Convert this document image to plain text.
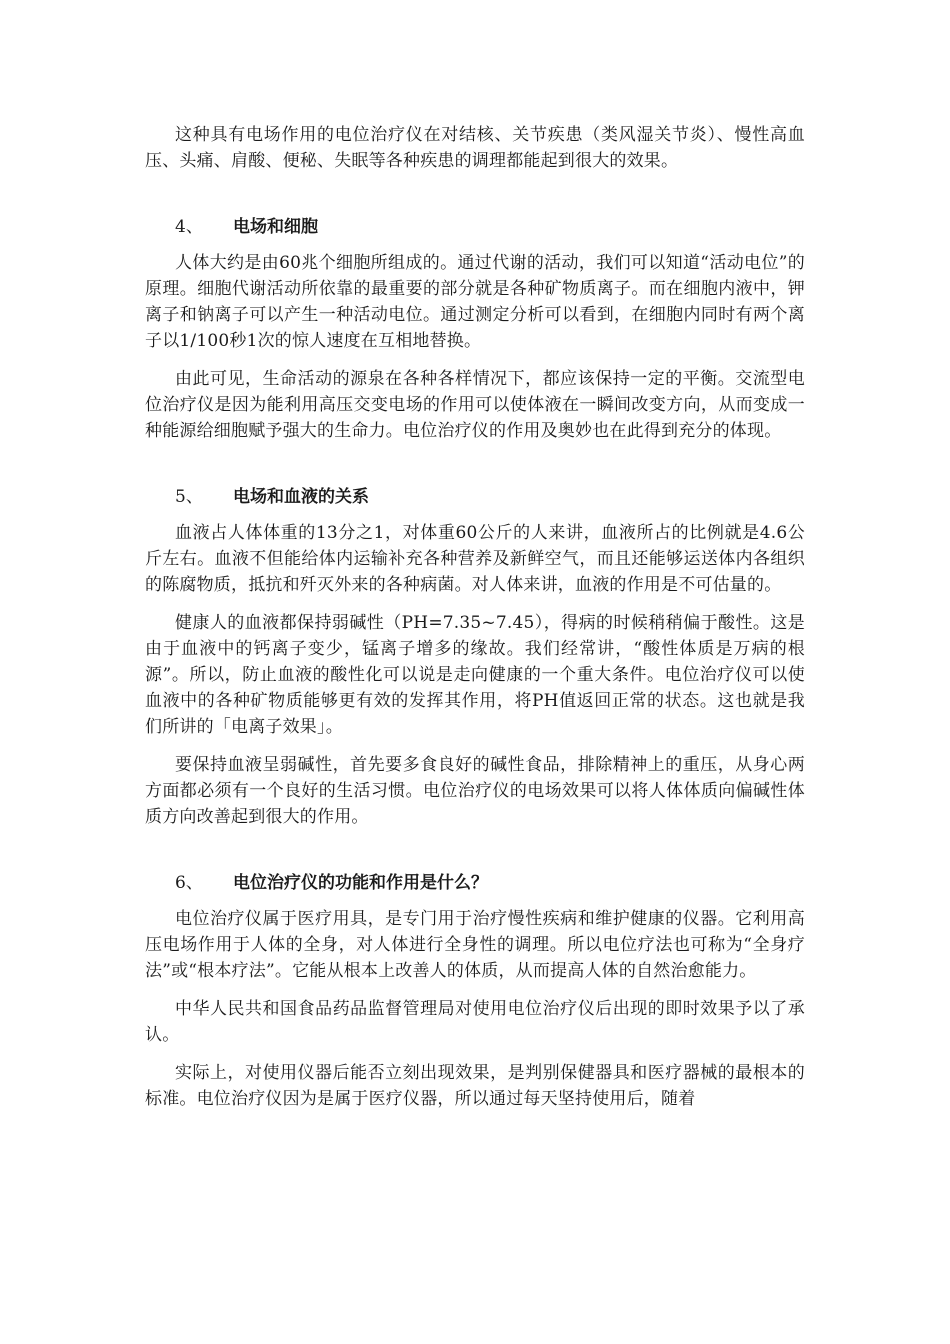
这种具有电场作用的电位治疗仪在对结核、关节疾患（类风湿关节炎）、慢性高血压、头痛、肩酸、便秘、失眠等各种疾患的调理都能起到很大的效果。

4、	电场和细胞

人体大约是由60兆个细胞所组成的。通过代谢的活动，我们可以知道“活动电位”的原理。细胞代谢活动所依靠的最重要的部分就是各种矿物质离子。而在细胞内液中，钾离子和钠离子可以产生一种活动电位。通过测定分析可以看到，在细胞内同时有两个离子以1/100秒1次的惊人速度在互相地替换。

由此可见，生命活动的源泉在各种各样情况下，都应该保持一定的平衡。交流型电位治疗仪是因为能利用高压交变电场的作用可以使体液在一瞬间改变方向，从而变成一种能源给细胞赋予强大的生命力。电位治疗仪的作用及奥妙也在此得到充分的体现。

5、	电场和血液的关系

血液占人体体重的13分之1，对体重60公斤的人来讲，血液所占的比例就是4.6公斤左右。血液不但能给体内运输补充各种营养及新鲜空气，而且还能够运送体内各组织的陈腐物质，抵抗和歼灭外来的各种病菌。对人体来讲，血液的作用是不可估量的。

健康人的血液都保持弱碱性（PH=7.35~7.45），得病的时候稍稍偏于酸性。这是由于血液中的钙离子变少，锰离子增多的缘故。我们经常讲，“酸性体质是万病的根源”。所以，防止血液的酸性化可以说是走向健康的一个重大条件。电位治疗仪可以使血液中的各种矿物质能够更有效的发挥其作用，将PH值返回正常的状态。这也就是我们所讲的「电离子效果」。

要保持血液呈弱碱性，首先要多食良好的碱性食品，排除精神上的重压，从身心两方面都必须有一个良好的生活习惯。电位治疗仪的电场效果可以将人体体质向偏碱性体质方向改善起到很大的作用。

6、	电位治疗仪的功能和作用是什么？

电位治疗仪属于医疗用具，是专门用于治疗慢性疾病和维护健康的仪器。它利用高压电场作用于人体的全身，对人体进行全身性的调理。所以电位疗法也可称为“全身疗法”或“根本疗法”。它能从根本上改善人的体质，从而提高人体的自然治愈能力。

中华人民共和国食品药品监督管理局对使用电位治疗仪后出现的即时效果予以了承认。

实际上，对使用仪器后能否立刻出现效果，是判别保健器具和医疗器械的最根本的标准。电位治疗仪因为是属于医疗仪器，所以通过每天坚持使用后，随着
